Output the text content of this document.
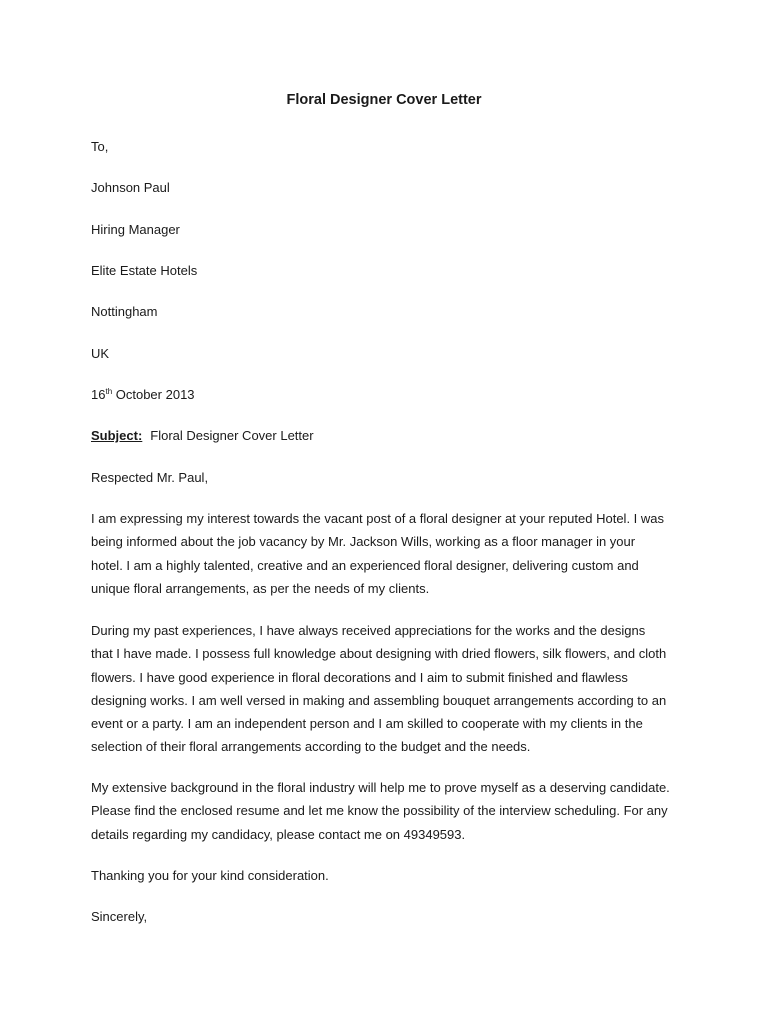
Floral Designer Cover Letter
To,
Johnson Paul
Hiring Manager
Elite Estate Hotels
Nottingham
UK
16th October 2013
Subject: Floral Designer Cover Letter
Respected Mr. Paul,
I am expressing my interest towards the vacant post of a floral designer at your reputed Hotel. I was
being informed about the job vacancy by Mr. Jackson Wills, working as a floor manager in your
hotel. I am a highly talented, creative and an experienced floral designer, delivering custom and
unique floral arrangements, as per the needs of my clients.
During my past experiences, I have always received appreciations for the works and the designs
that I have made. I possess full knowledge about designing with dried flowers, silk flowers, and cloth
flowers. I have good experience in floral decorations and I aim to submit finished and flawless
designing works. I am well versed in making and assembling bouquet arrangements according to an
event or a party. I am an independent person and I am skilled to cooperate with my clients in the
selection of their floral arrangements according to the budget and the needs.
My extensive background in the floral industry will help me to prove myself as a deserving candidate.
Please find the enclosed resume and let me know the possibility of the interview scheduling. For any
details regarding my candidacy, please contact me on 49349593.
Thanking you for your kind consideration.
Sincerely,
